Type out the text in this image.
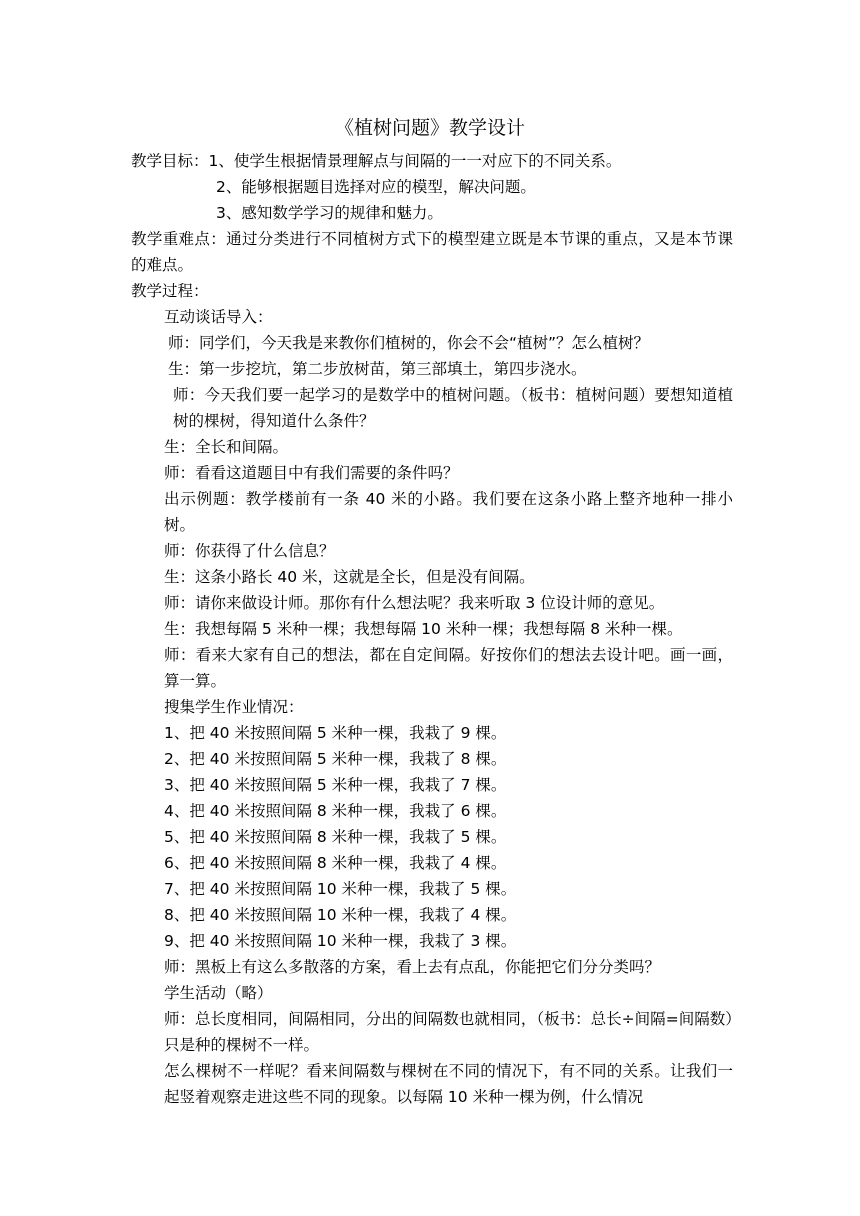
《植树问题》教学设计

教学目标：1、使学生根据情景理解点与间隔的一一对应下的不同关系。

2、能够根据题目选择对应的模型，解决问题。

3、感知数学学习的规律和魅力。

教学重难点：通过分类进行不同植树方式下的模型建立既是本节课的重点，又是本节课的难点。

教学过程：

互动谈话导入：

师：同学们，今天我是来教你们植树的，你会不会“植树”？怎么植树？

生：第一步挖坑，第二步放树苗，第三部填土，第四步浇水。

师：今天我们要一起学习的是数学中的植树问题。（板书：植树问题）要想知道植树的棵树，得知道什么条件？

生：全长和间隔。

师：看看这道题目中有我们需要的条件吗？

出示例题：教学楼前有一条 40 米的小路。我们要在这条小路上整齐地种一排小树。

师：你获得了什么信息？

生：这条小路长 40 米，这就是全长，但是没有间隔。

师：请你来做设计师。那你有什么想法呢？我来听取 3 位设计师的意见。

生：我想每隔 5 米种一棵；我想每隔 10 米种一棵；我想每隔 8 米种一棵。

师：看来大家有自己的想法，都在自定间隔。好按你们的想法去设计吧。画一画，算一算。

搜集学生作业情况：

1、把 40 米按照间隔 5 米种一棵，我栽了 9 棵。

2、把 40 米按照间隔 5 米种一棵，我栽了 8 棵。

3、把 40 米按照间隔 5 米种一棵，我栽了 7 棵。

4、把 40 米按照间隔 8 米种一棵，我栽了 6 棵。

5、把 40 米按照间隔 8 米种一棵，我栽了 5 棵。

6、把 40 米按照间隔 8 米种一棵，我栽了 4 棵。

7、把 40 米按照间隔 10 米种一棵，我栽了 5 棵。

8、把 40 米按照间隔 10 米种一棵，我栽了 4 棵。

9、把 40 米按照间隔 10 米种一棵，我栽了 3 棵。

师：黑板上有这么多散落的方案，看上去有点乱，你能把它们分分类吗？

学生活动（略）

师：总长度相同，间隔相同，分出的间隔数也就相同，（板书：总长÷间隔=间隔数）只是种的棵树不一样。

怎么棵树不一样呢？看来间隔数与棵树在不同的情况下，有不同的关系。让我们一起竖着观察走进这些不同的现象。以每隔 10 米种一棵为例，什么情况
